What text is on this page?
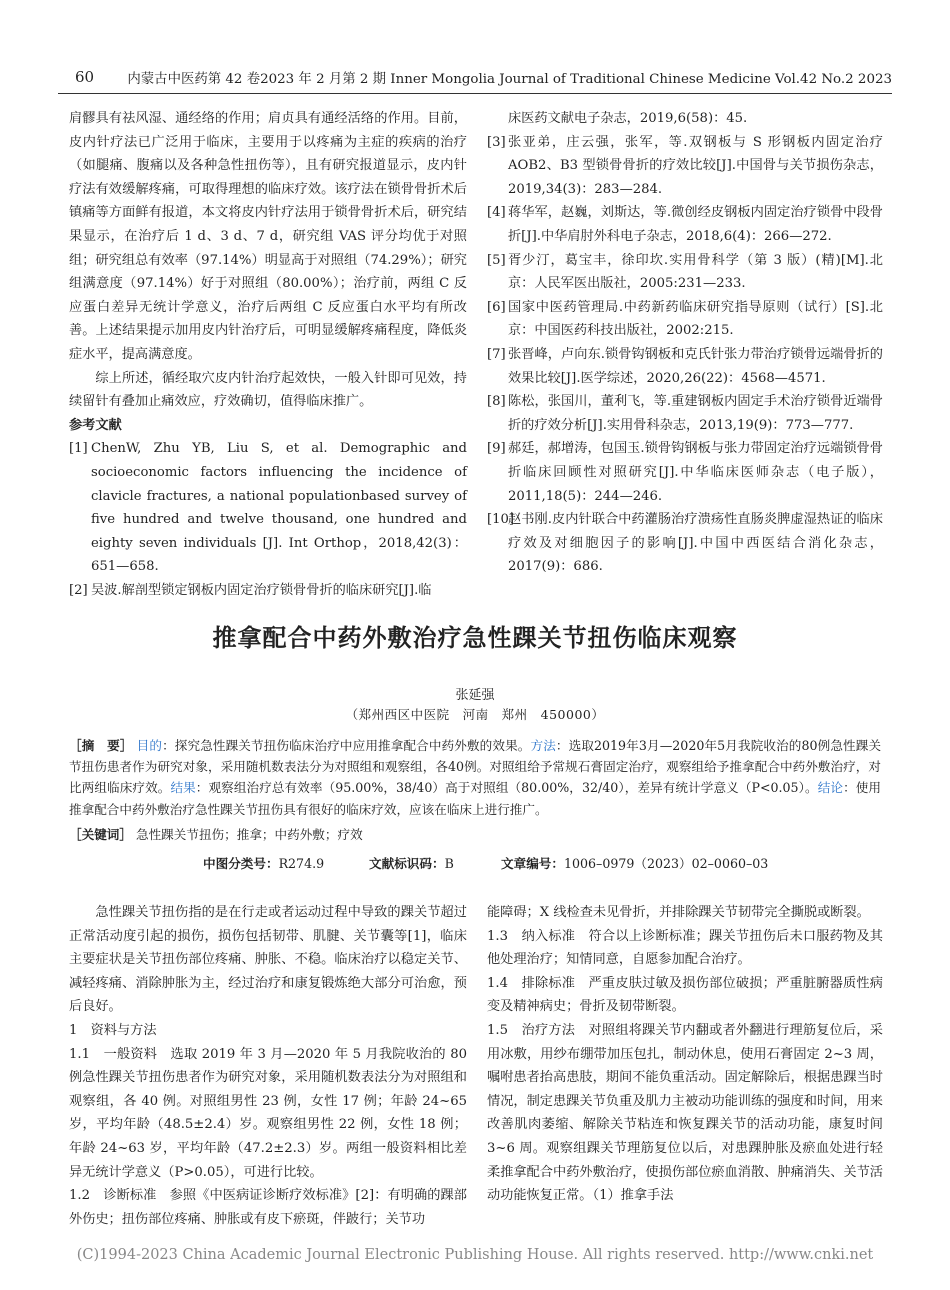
60 内蒙古中医药第 42 卷2023 年 2 月第 2 期 Inner Mongolia Journal of Traditional Chinese Medicine Vol.42 No.2 2023

肩髎具有祛风湿、通经络的作用；肩贞具有通经活络的作用。目前，皮内针疗法已广泛用于临床，主要用于以疼痛为主症的疾病的治疗（如腿痛、腹痛以及各种急性扭伤等），且有研究报道显示，皮内针疗法有效缓解疼痛，可取得理想的临床疗效。该疗法在锁骨骨折术后镇痛等方面鲜有报道，本文将皮内针疗法用于锁骨骨折术后，研究结果显示，在治疗后 1 d、3 d、7 d，研究组 VAS 评分均优于对照组；研究组总有效率（97.14%）明显高于对照组（74.29%）；研究组满意度（97.14%）好于对照组（80.00%）；治疗前，两组 C 反应蛋白差异无统计学意义，治疗后两组 C 反应蛋白水平均有所改善。上述结果提示加用皮内针治疗后，可明显缓解疼痛程度，降低炎症水平，提高满意度。

综上所述，循经取穴皮内针治疗起效快，一般入针即可见效，持续留针有叠加止痛效应，疗效确切，值得临床推广。

参考文献

[1] ChenW, Zhu YB, Liu S, et al. Demographic and socioeconomic factors influencing the incidence of clavicle fractures, a national populationbased survey of five hundred and twelve thousand, one hundred and eighty seven individuals [J]. Int Orthop，2018,42(3)：651—658.
[2] 吴波.解剖型锁定钢板内固定治疗锁骨骨折的临床研究[J].临
床医药文献电子杂志，2019,6(58)：45.
[3] 张亚弟，庄云强，张军，等.双钢板与 S 形钢板内固定治疗 AOB2、B3 型锁骨骨折的疗效比较[J].中国骨与关节损伤杂志，2019,34(3)：283—284.
[4] 蒋华军，赵巍，刘斯达，等.微创经皮钢板内固定治疗锁骨中段骨折[J].中华肩肘外科电子杂志，2018,6(4)：266—272.
[5] 胥少汀，葛宝丰，徐印坎.实用骨科学（第 3 版）(精)[M].北京：人民军医出版社，2005:231—233.
[6] 国家中医药管理局.中药新药临床研究指导原则（试行）[S].北京：中国医药科技出版社，2002:215.
[7] 张晋峰，卢向东.锁骨钩钢板和克氏针张力带治疗锁骨远端骨折的效果比较[J].医学综述，2020,26(22)：4568—4571.
[8] 陈松，张国川，董利飞，等.重建钢板内固定手术治疗锁骨近端骨折的疗效分析[J].实用骨科杂志，2013,19(9)：773—777.
[9] 郝廷，郝增涛，包国玉.锁骨钩钢板与张力带固定治疗远端锁骨骨折临床回顾性对照研究[J].中华临床医师杂志（电子版），2011,18(5)：244—246.
[10]
赵书刚.皮内针联合中药灌肠治疗溃疡性直肠炎脾虚湿热证的临床疗效及对细胞因子的影响[J].中国中西医结合消化杂志，2017(9)：686.
推拿配合中药外敷治疗急性踝关节扭伤临床观察
张延强
（郑州西区中医院　河南　郑州　450000）
［摘　要］ 目的：探究急性踝关节扭伤临床治疗中应用推拿配合中药外敷的效果。方法：选取2019年3月—2020年5月我院收治的80例急性踝关节扭伤患者作为研究对象，采用随机数表法分为对照组和观察组，各40例。对照组给予常规石膏固定治疗，观察组给予推拿配合中药外敷治疗，对比两组临床疗效。结果：观察组治疗总有效率（95.00%，38/40）高于对照组（80.00%，32/40），差异有统计学意义（P<0.05）。结论：使用推拿配合中药外敷治疗急性踝关节扭伤具有很好的临床疗效，应该在临床上进行推广。
［关键词］ 急性踝关节扭伤；推拿；中药外敷；疗效
中图分类号：R274.9	文献标识码：B	文章编号：1006–0979（2023）02–0060–03

急性踝关节扭伤指的是在行走或者运动过程中导致的踝关节超过正常活动度引起的损伤，损伤包括韧带、肌腱、关节囊等[1]，临床主要症状是关节扭伤部位疼痛、肿胀、不稳。临床治疗以稳定关节、减轻疼痛、消除肿胀为主，经过治疗和康复锻炼绝大部分可治愈，预后良好。

1　资料与方法

1.1　一般资料　选取 2019 年 3 月—2020 年 5 月我院收治的 80 例急性踝关节扭伤患者作为研究对象，采用随机数表法分为对照组和观察组，各 40 例。对照组男性 23 例，女性 17 例；年龄 24~65 岁，平均年龄（48.5±2.4）岁。观察组男性 22 例，女性 18 例；年龄 24~63 岁，平均年龄（47.2±2.3）岁。两组一般资料相比差异无统计学意义（P>0.05），可进行比较。

1.2　诊断标准　参照《中医病证诊断疗效标准》[2]：有明确的踝部外伤史；扭伤部位疼痛、肿胀或有皮下瘀斑，伴跛行；关节功

能障碍；X 线检查未见骨折，并排除踝关节韧带完全撕脱或断裂。

1.3　纳入标准　符合以上诊断标准；踝关节扭伤后未口服药物及其他处理治疗；知情同意，自愿参加配合治疗。

1.4　排除标准　严重皮肤过敏及损伤部位破损；严重脏腑器质性病变及精神病史；骨折及韧带断裂。

1.5　治疗方法　对照组将踝关节内翻或者外翻进行理筋复位后，采用冰敷，用纱布绷带加压包扎，制动休息，使用石膏固定 2~3 周，嘱咐患者抬高患肢，期间不能负重活动。固定解除后，根据患踝当时情况，制定患踝关节负重及肌力主被动功能训练的强度和时间，用来改善肌肉萎缩、解除关节粘连和恢复踝关节的活动功能，康复时间 3~6 周。观察组踝关节理筋复位以后，对患踝肿胀及瘀血处进行轻柔推拿配合中药外敷治疗，使损伤部位瘀血消散、肿痛消失、关节活动功能恢复正常。（1）推拿手法

(C)1994-2023 China Academic Journal Electronic Publishing House. All rights reserved. http://www.cnki.net
